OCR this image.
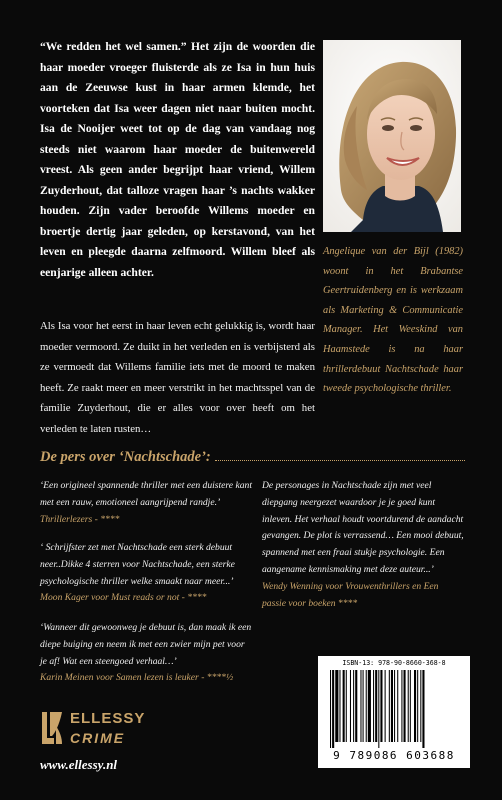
“We redden het wel samen.” Het zijn de woorden die haar moeder vroeger fluisterde als ze Isa in hun huis aan de Zeeuwse kust in haar armen klemde, het voorteken dat Isa weer dagen niet naar buiten mocht. Isa de Nooijer weet tot op de dag van vandaag nog steeds niet waarom haar moeder de buitenwereld vreest. Als geen ander begrijpt haar vriend, Willem Zuyderhout, dat talloze vragen haar ’s nachts wakker houden. Zijn vader beroofde Willems moeder en broertje dertig jaar geleden, op kerstavond, van het leven en pleegde daarna zelfmoord. Willem bleef als eenjarige alleen achter.

Als Isa voor het eerst in haar leven echt gelukkig is, wordt haar moeder vermoord. Ze duikt in het verleden en is verbijsterd als ze vermoedt dat Willems familie iets met de moord te maken heeft. Ze raakt meer en meer verstrikt in het machtsspel van de familie Zuyderhout, die er alles voor over heeft om het verleden te laten rusten…

Angelique van der Bijl (1982) woont in het Brabantse Geertruidenberg en is werkzaam als Marketing & Communicatie Manager. Het Weeskind van Haamstede is na haar thrillerdebuut Nachtschade haar tweede psychologische thriller.

De pers over ‘Nachtschade’:

‘Een origineel spannende thriller met een duistere kant met een rauw, emotioneel aangrijpend randje.’
Thrillerlezers - ****

‘ Schrijfster zet met Nachtschade een sterk debuut neer..Dikke 4 sterren voor Nachtschade, een sterke psychologische thriller welke smaakt naar meer...’
Moon Kager voor Must reads or not - ****

‘Wanneer dit gewoonweg je debuut is, dan maak ik een diepe buiging en neem ik met een zwier mijn pet voor je af! Wat een steengoed verhaal…’
Karin Meinen voor Samen lezen is leuker - ****½

De personages in Nachtschade zijn met veel diepgang neergezet waardoor je je goed kunt inleven. Het verhaal houdt voortdurend de aandacht gevangen. De plot is verrassend… Een mooi debuut, spannend met een fraai stukje psychologie. Een aangename kennismaking met deze auteur...’
Wendy Wenning voor Vrouwenthrillers en Een passie voor boeken ****

ELLESSY
CRIME
www.ellessy.nl
ISBN-13: 978-90-8660-368-8
9 789086 603688
